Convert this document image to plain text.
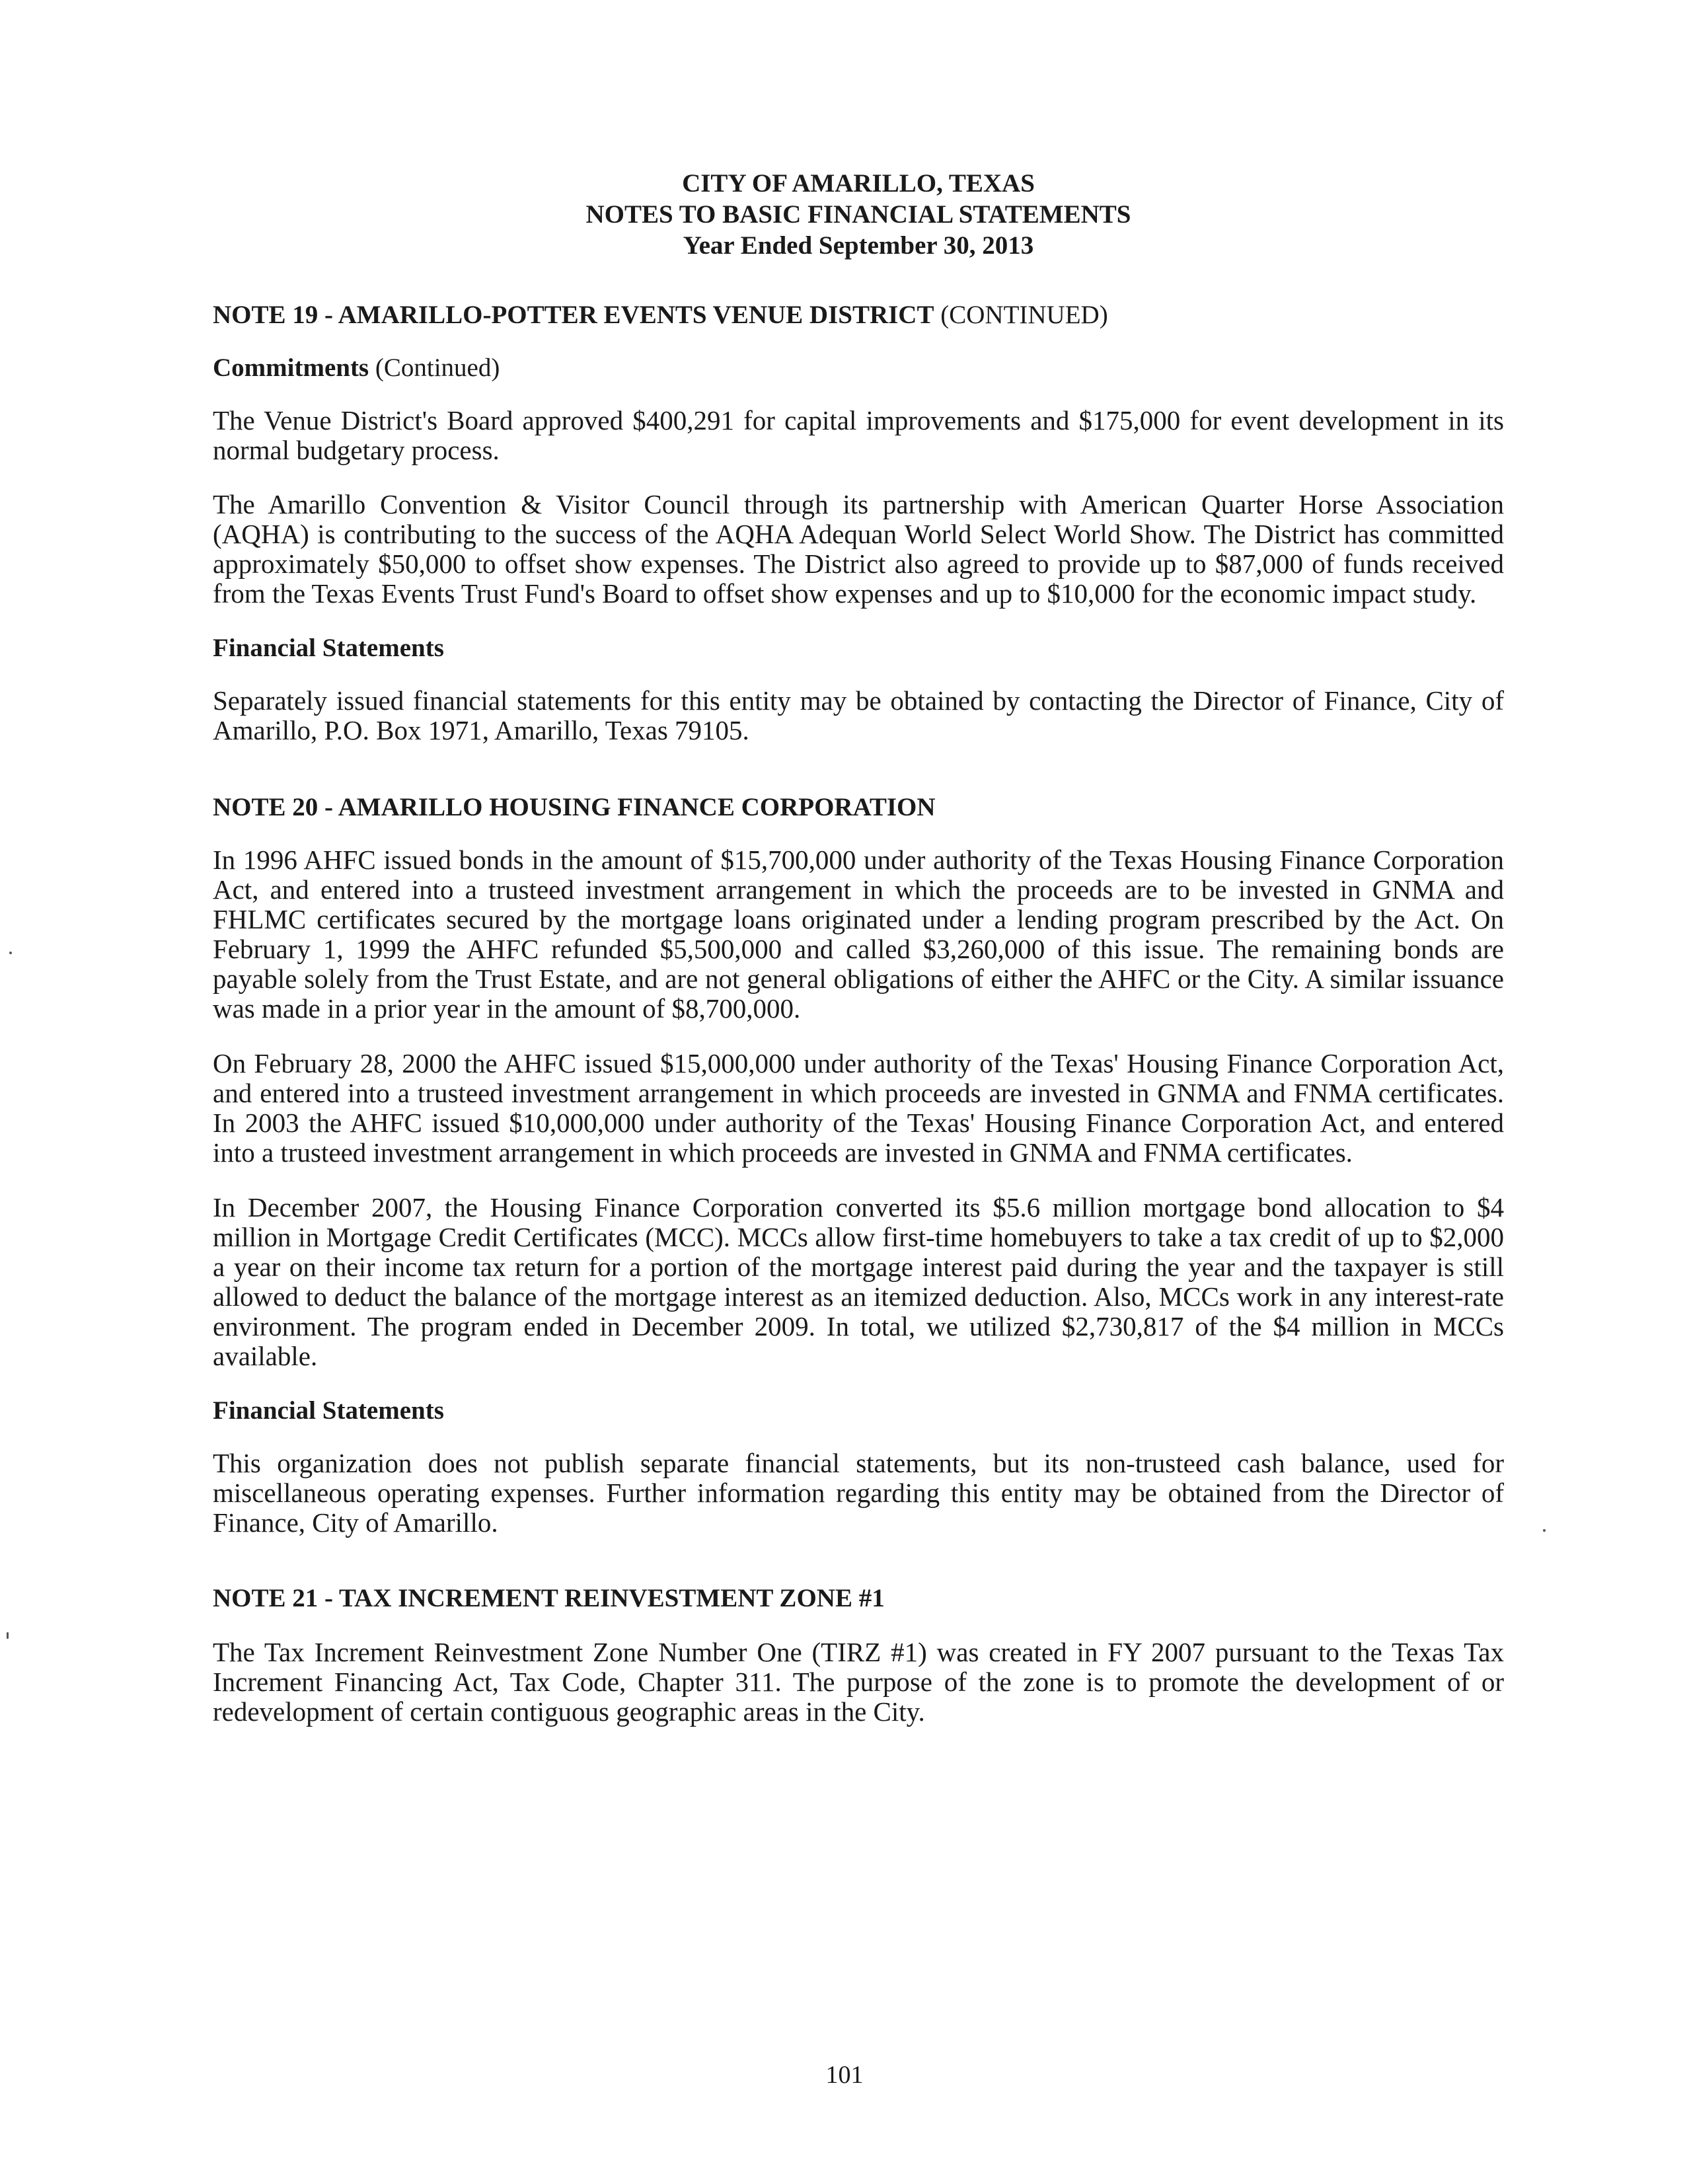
CITY OF AMARILLO, TEXAS
NOTES TO BASIC FINANCIAL STATEMENTS
Year Ended September 30, 2013
NOTE 19 - AMARILLO-POTTER EVENTS VENUE DISTRICT (CONTINUED)
Commitments (Continued)

The Venue District's Board approved $400,291 for capital improvements and $175,000 for event development in its normal budgetary process.

The Amarillo Convention & Visitor Council through its partnership with American Quarter Horse Association (AQHA) is contributing to the success of the AQHA Adequan World Select World Show. The District has committed approximately $50,000 to offset show expenses. The District also agreed to provide up to $87,000 of funds received from the Texas Events Trust Fund's Board to offset show expenses and up to $10,000 for the economic impact study.

Financial Statements

Separately issued financial statements for this entity may be obtained by contacting the Director of Finance, City of Amarillo, P.O. Box 1971, Amarillo, Texas 79105.

NOTE 20 - AMARILLO HOUSING FINANCE CORPORATION

In 1996 AHFC issued bonds in the amount of $15,700,000 under authority of the Texas Housing Finance Corporation Act, and entered into a trusteed investment arrangement in which the proceeds are to be invested in GNMA and FHLMC certificates secured by the mortgage loans originated under a lending program prescribed by the Act. On February 1, 1999 the AHFC refunded $5,500,000 and called $3,260,000 of this issue. The remaining bonds are payable solely from the Trust Estate, and are not general obligations of either the AHFC or the City. A similar issuance was made in a prior year in the amount of $8,700,000.

On February 28, 2000 the AHFC issued $15,000,000 under authority of the Texas' Housing Finance Corporation Act, and entered into a trusteed investment arrangement in which proceeds are invested in GNMA and FNMA certificates. In 2003 the AHFC issued $10,000,000 under authority of the Texas' Housing Finance Corporation Act, and entered into a trusteed investment arrangement in which proceeds are invested in GNMA and FNMA certificates.

In December 2007, the Housing Finance Corporation converted its $5.6 million mortgage bond allocation to $4 million in Mortgage Credit Certificates (MCC). MCCs allow first-time homebuyers to take a tax credit of up to $2,000 a year on their income tax return for a portion of the mortgage interest paid during the year and the taxpayer is still allowed to deduct the balance of the mortgage interest as an itemized deduction. Also, MCCs work in any interest-rate environment. The program ended in December 2009. In total, we utilized $2,730,817 of the $4 million in MCCs available.

Financial Statements

This organization does not publish separate financial statements, but its non-trusteed cash balance, used for miscellaneous operating expenses. Further information regarding this entity may be obtained from the Director of Finance, City of Amarillo.

NOTE 21 - TAX INCREMENT REINVESTMENT ZONE #1

The Tax Increment Reinvestment Zone Number One (TIRZ #1) was created in FY 2007 pursuant to the Texas Tax Increment Financing Act, Tax Code, Chapter 311. The purpose of the zone is to promote the development of or redevelopment of certain contiguous geographic areas in the City.

101
